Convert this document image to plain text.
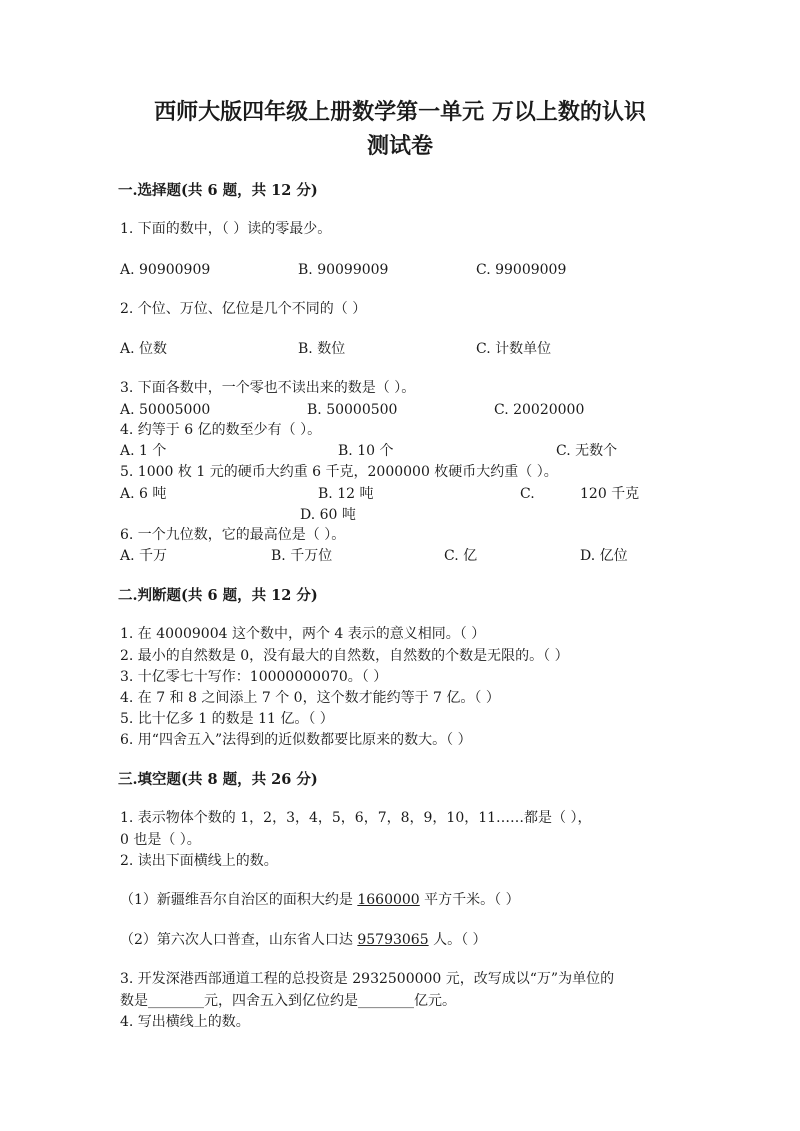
西师大版四年级上册数学第一单元 万以上数的认识
测试卷
一.选择题(共 6 题，共 12 分)
1. 下面的数中，（ ）读的零最少。
A. 90900909	B. 90099009	C. 99009009
2. 个位、万位、亿位是几个不同的（ ）
A. 位数	B. 数位	C. 计数单位
3. 下面各数中，一个零也不读出来的数是（ ）。
A. 50005000	B. 50000500	C. 20020000
4. 约等于 6 亿的数至少有（ ）。
A. 1 个	B. 10 个	C. 无数个
5. 1000 枚 1 元的硬币大约重 6 千克，2000000 枚硬币大约重（ ）。
A. 6 吨	B. 12 吨	C.	120 千克
D. 60 吨
6. 一个九位数，它的最高位是（ ）。
A. 千万	B. 千万位	C. 亿	D. 亿位
二.判断题(共 6 题，共 12 分)
1. 在 40009004 这个数中，两个 4 表示的意义相同。（ ）
2. 最小的自然数是 0，没有最大的自然数，自然数的个数是无限的。（ ）
3. 十亿零七十写作：10000000070。（ ）
4. 在 7 和 8 之间添上 7 个 0，这个数才能约等于 7 亿。（ ）
5. 比十亿多 1 的数是 11 亿。（ ）
6. 用“四舍五入”法得到的近似数都要比原来的数大。（ ）
三.填空题(共 8 题，共 26 分)
1. 表示物体个数的 1，2，3，4，5，6，7，8，9，10，11……都是（ ），
0 也是（ ）。
2. 读出下面横线上的数。
（1）新疆维吾尔自治区的面积大约是 1660000 平方千米。（ ）
（2）第六次人口普查，山东省人口达 95793065 人。（ ）
3. 开发深港西部通道工程的总投资是 2932500000 元，改写成以“万”为单位的
数是________元，四舍五入到亿位约是________亿元。
4. 写出横线上的数。
